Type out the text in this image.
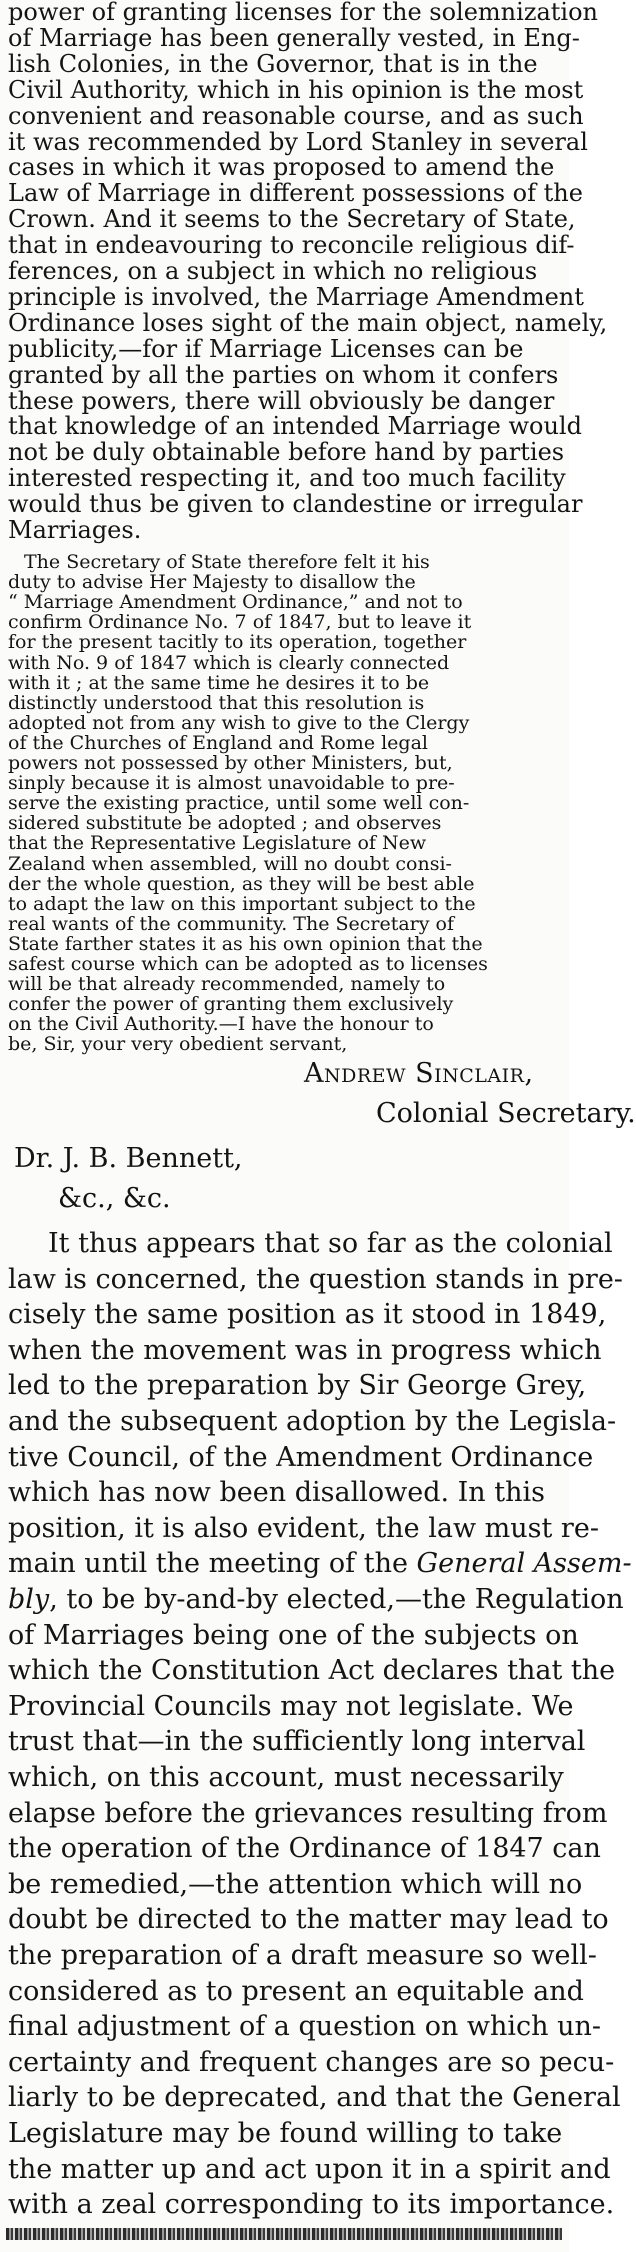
power of granting licenses for the solemnization
of Marriage has been generally vested, in Eng-
lish Colonies, in the Governor, that is in the
Civil Authority, which in his opinion is the most
convenient and reasonable course, and as such
it was recommended by Lord Stanley in several
cases in which it was proposed to amend the
Law of Marriage in different possessions of the
Crown. And it seems to the Secretary of State,
that in endeavouring to reconcile religious dif-
ferences, on a subject in which no religious
principle is involved, the Marriage Amendment
Ordinance loses sight of the main object, namely,
publicity,—for if Marriage Licenses can be
granted by all the parties on whom it confers
these powers, there will obviously be danger
that knowledge of an intended Marriage would
not be duly obtainable before hand by parties
interested respecting it, and too much facility
would thus be given to clandestine or irregular
Marriages.
The Secretary of State therefore felt it his
duty to advise Her Majesty to disallow the
“ Marriage Amendment Ordinance,” and not to
confirm Ordinance No. 7 of 1847, but to leave it
for the present tacitly to its operation, together
with No. 9 of 1847 which is clearly connected
with it ; at the same time he desires it to be
distinctly understood that this resolution is
adopted not from any wish to give to the Clergy
of the Churches of England and Rome legal
powers not possessed by other Ministers, but,
sinply because it is almost unavoidable to pre-
serve the existing practice, until some well con-
sidered substitute be adopted ; and observes
that the Representative Legislature of New
Zealand when assembled, will no doubt consi-
der the whole question, as they will be best able
to adapt the law on this important subject to the
real wants of the community. The Secretary of
State farther states it as his own opinion that the
safest course which can be adopted as to licenses
will be that already recommended, namely to
confer the power of granting them exclusively
on the Civil Authority.—I have the honour to
be, Sir, your very obedient servant,
Andrew Sinclair,
Colonial Secretary.
Dr. J. B. Bennett,
&c., &c.
It thus appears that so far as the colonial
law is concerned, the question stands in pre-
cisely the same position as it stood in 1849,
when the movement was in progress which
led to the preparation by Sir George Grey,
and the subsequent adoption by the Legisla-
tive Council, of the Amendment Ordinance
which has now been disallowed. In this
position, it is also evident, the law must re-
main until the meeting of the General Assem-
bly, to be by-and-by elected,—the Regulation
of Marriages being one of the subjects on
which the Constitution Act declares that the
Provincial Councils may not legislate. We
trust that—in the sufficiently long interval
which, on this account, must necessarily
elapse before the grievances resulting from
the operation of the Ordinance of 1847 can
be remedied,—the attention which will no
doubt be directed to the matter may lead to
the preparation of a draft measure so well-
considered as to present an equitable and
final adjustment of a question on which un-
certainty and frequent changes are so pecu-
liarly to be deprecated, and that the General
Legislature may be found willing to take
the matter up and act upon it in a spirit and
with a zeal corresponding to its importance.
